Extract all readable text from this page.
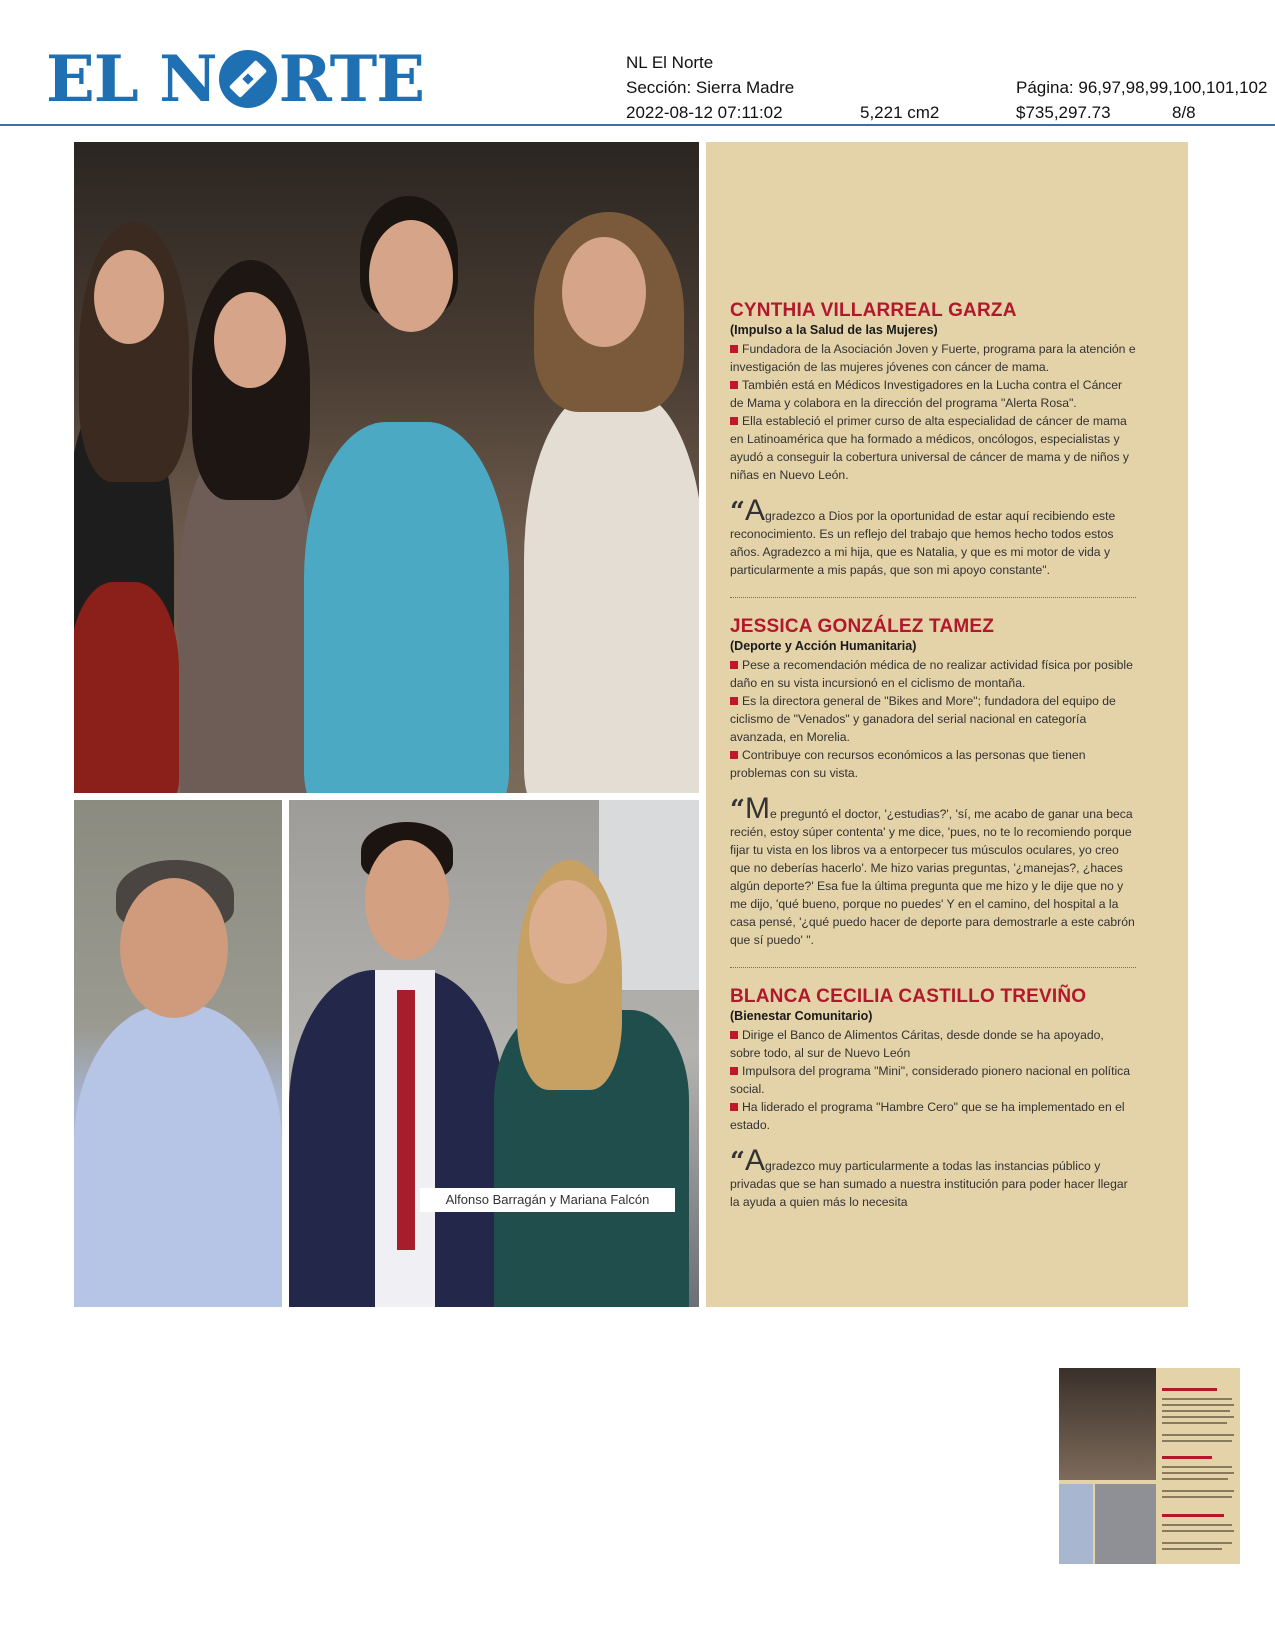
EL N RTE	NL El Norte
Sección: Sierra Madre
2022-08-12 07:11:02	5,221 cm2
Página: 96,97,98,99,100,101,102
$735,297.73	8/8
Alfonso Barragán y Mariana Falcón

CYNTHIA VILLARREAL GARZA

(Impulso a la Salud de las Mujeres)

Fundadora de la Asociación Joven y Fuerte, programa para la atención e investigación de las mujeres jóvenes con cáncer de mama.

También está en Médicos Investigadores en la Lucha contra el Cáncer de Mama y colabora en la dirección del programa "Alerta Rosa".

Ella estableció el primer curso de alta especialidad de cáncer de mama en Latinoamérica que ha formado a médicos, oncólogos, especialistas y ayudó a conseguir la cobertura universal de cáncer de mama y de niños y niñas en Nuevo León.

“Agradezco a Dios por la oportunidad de estar aquí recibiendo este reconocimiento. Es un reflejo del trabajo que hemos hecho todos estos años. Agradezco a mi hija, que es Natalia, y que es mi motor de vida y particularmente a mis papás, que son mi apoyo constante".

JESSICA GONZÁLEZ TAMEZ

(Deporte y Acción Humanitaria)

Pese a recomendación médica de no realizar actividad física por posible daño en su vista incursionó en el ciclismo de montaña.

Es la directora general de "Bikes and More"; fundadora del equipo de ciclismo de "Venados" y ganadora del serial nacional en categoría avanzada, en Morelia.

Contribuye con recursos económicos a las personas que tienen problemas con su vista.

“Me preguntó el doctor, '¿estudias?', 'sí, me acabo de ganar una beca recién, estoy súper contenta' y me dice, 'pues, no te lo recomiendo porque fijar tu vista en los libros va a entorpecer tus músculos oculares, yo creo que no deberías hacerlo'. Me hizo varias preguntas, '¿manejas?, ¿haces algún deporte?' Esa fue la última pregunta que me hizo y le dije que no y me dijo, 'qué bueno, porque no puedes' Y en el camino, del hospital a la casa pensé, '¿qué puedo hacer de deporte para demostrarle a este cabrón que sí puedo' ".

BLANCA CECILIA CASTILLO TREVIÑO

(Bienestar Comunitario)

Dirige el Banco de Alimentos Cáritas, desde donde se ha apoyado, sobre todo, al sur de Nuevo León

Impulsora del programa "Mini", considerado pionero nacional en política social.

Ha liderado el programa "Hambre Cero" que se ha implementado en el estado.

“Agradezco muy particularmente a todas las instancias público y privadas que se han sumado a nuestra institución para poder hacer llegar la ayuda a quien más lo necesita
